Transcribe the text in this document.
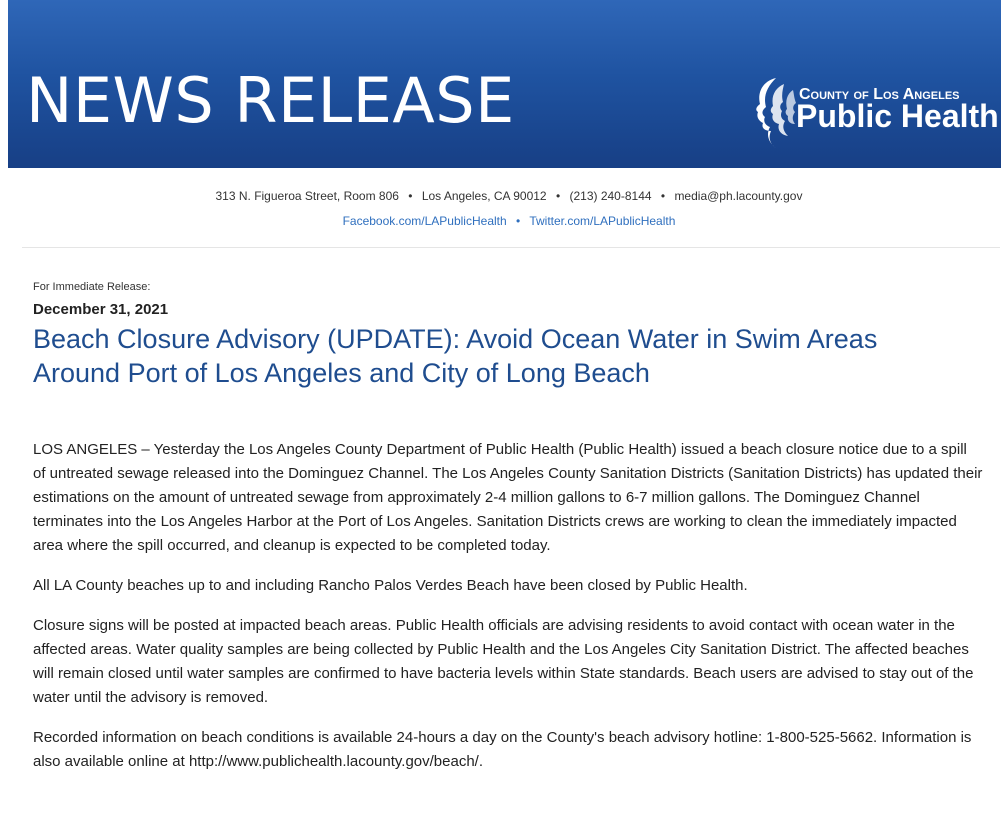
NEWS RELEASE	County of Los Angeles
Public Health
313 N. Figueroa Street, Room 806 • Los Angeles, CA 90012 • (213) 240-8144 • media@ph.lacounty.gov
Facebook.com/LAPublicHealth • Twitter.com/LAPublicHealth
For Immediate Release:
December 31, 2021
Beach Closure Advisory (UPDATE): Avoid Ocean Water in Swim Areas
Around Port of Los Angeles and City of Long Beach

LOS ANGELES – Yesterday the Los Angeles County Department of Public Health (Public Health) issued a beach closure notice due to a spill of untreated sewage released into the Dominguez Channel. The Los Angeles County Sanitation Districts (Sanitation Districts) has updated their estimations on the amount of untreated sewage from approximately 2-4 million gallons to 6-7 million gallons. The Dominguez Channel terminates into the Los Angeles Harbor at the Port of Los Angeles. Sanitation Districts crews are working to clean the immediately impacted area where the spill occurred, and cleanup is expected to be completed today.

All LA County beaches up to and including Rancho Palos Verdes Beach have been closed by Public Health.

Closure signs will be posted at impacted beach areas. Public Health officials are advising residents to avoid contact with ocean water in the affected areas. Water quality samples are being collected by Public Health and the Los Angeles City Sanitation District. The affected beaches will remain closed until water samples are confirmed to have bacteria levels within State standards. Beach users are advised to stay out of the water until the advisory is removed.

Recorded information on beach conditions is available 24-hours a day on the County's beach advisory hotline: 1-800-525-5662. Information is also available online at http://www.publichealth.lacounty.gov/beach/.
